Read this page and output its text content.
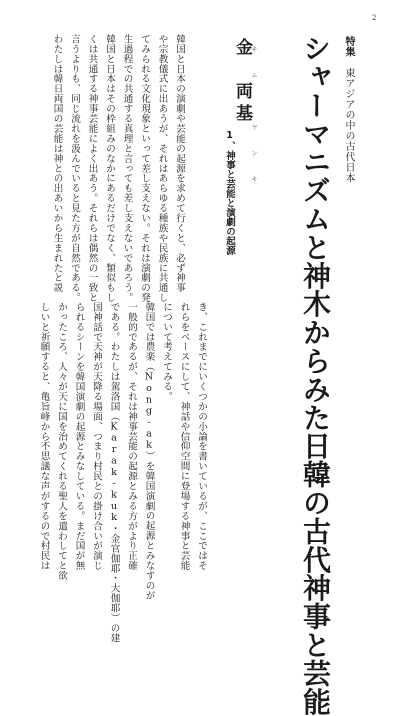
2
特集　東アジアの中の古代日本
シャーマニズムと神木からみた日韓の古代神事と芸能
キム　ヤンキ
金　両基
1、神事と芸能と演劇の起源
韓国と日本の演劇や芸能の起源を求めて行くと、必ず神事
や宗教儀式に出あうが、それはあらゆる種族や民族に共通し
てみられる文化現象といって差し支えない。それは演劇の発
生過程での共通する真理と言っても差し支えないであろう。
韓国と日本はその枠組みのなかにあるだけでなく、類似もし
くは共通する神事芸能によく出あう。それらは偶然の一致と
言うよりも、同じ流れを汲んでいると見た方が自然である。
わたしは韓日両国の芸能は神との出あいから生まれたと説
き、これまでにいくつかの小論を書いているが、ここではそ
れらをベースにして、神話や信仰空間に登場する神事と芸能
について考えてみる。
韓国では農楽（Nong-ak）を韓国演劇の起源とみなすのが
一般的であるが、それは神事芸能の起源とみる方がより正確
である。わたしは駕洛国（Karak-kuk・金官伽耶・大伽耶）の建
国神話で天神が天降る場面、つまり村民との掛け合いが演じ
られるシーンを韓国演劇の起源とみなしている。まだ国が無
かったころ、人々が天に国を治めてくれる聖人を遣わしてと欲
しいと祈願すると、亀旨峰から不思議な声がするので村民は
